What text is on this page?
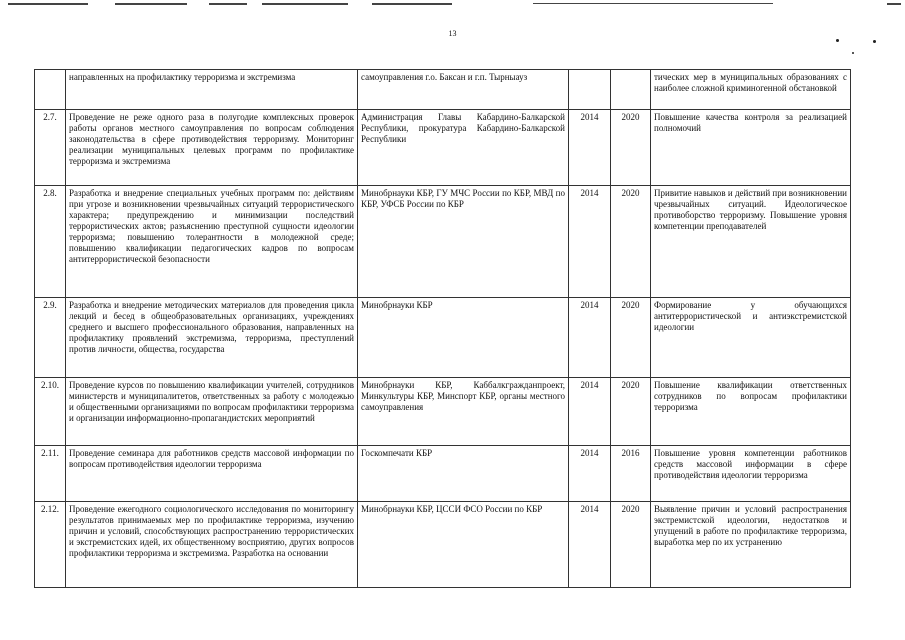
13
	направленных на профилактику терроризма и экстремизма	самоуправления г.о. Баксан и г.п. Тырныауз			тических мер в муниципальных образованиях с наиболее сложной криминогенной обстановкой
2.7.	Проведение не реже одного раза в полугодие комплексных проверок работы органов местного самоуправления по вопросам соблюдения законодательства в сфере противодействия терроризму. Мониторинг реализации муниципальных целевых программ по профилактике терроризма и экстремизма	Администрация Главы Кабардино-Балкарской Республики, прокуратура Кабардино-Балкарской Республики	2014	2020	Повышение качества контроля за реализацией полномочий
2.8.	Разработка и внедрение специальных учебных программ по: действиям при угрозе и возникновении чрезвычайных ситуаций террористического характера; предупреждению и минимизации последствий террористических актов; разъяснению преступной сущности идеологии терроризма; повышению толерантности в молодежной среде; повышению квалификации педагогических кадров по вопросам антитеррористической безопасности	Минобрнауки КБР, ГУ МЧС России по КБР, МВД по КБР, УФСБ России по КБР	2014	2020	Привитие навыков и действий при возникновении чрезвычайных ситуаций. Идеологическое противоборство терроризму. Повышение уровня компетенции преподавателей
2.9.	Разработка и внедрение методических материалов для проведения цикла лекций и бесед в общеобразовательных организациях, учреждениях среднего и высшего профессионального образования, направленных на профилактику проявлений экстремизма, терроризма, преступлений против личности, общества, государства	Минобрнауки КБР	2014	2020	Формирование у обучающихся антитеррористической и антиэкстремистской идеологии
2.10.	Проведение курсов по повышению квалификации учителей, сотрудников министерств и муниципалитетов, ответственных за работу с молодежью и общественными организациями по вопросам профилактики терроризма и организации информационно-пропагандистских мероприятий	Минобрнауки КБР, Каббалкгражданпроект, Минкультуры КБР, Минспорт КБР, органы местного самоуправления	2014	2020	Повышение квалификации ответственных сотрудников по вопросам профилактики терроризма
2.11.	Проведение семинара для работников средств массовой информации по вопросам противодействия идеологии терроризма	Госкомпечати КБР	2014	2016	Повышение уровня компетенции работников средств массовой информации в сфере противодействия идеологии терроризма
2.12.	Проведение ежегодного социологического исследования по мониторингу результатов принимаемых мер по профилактике терроризма, изучению причин и условий, способствующих распространению террористических и экстремистских идей, их общественному восприятию, других вопросов профилактики терроризма и экстремизма. Разработка на основании	Минобрнауки КБР, ЦССИ ФСО России по КБР	2014	2020	Выявление причин и условий распространения экстремистской идеологии, недостатков и упущений в работе по профилактике терроризма, выработка мер по их устранению
